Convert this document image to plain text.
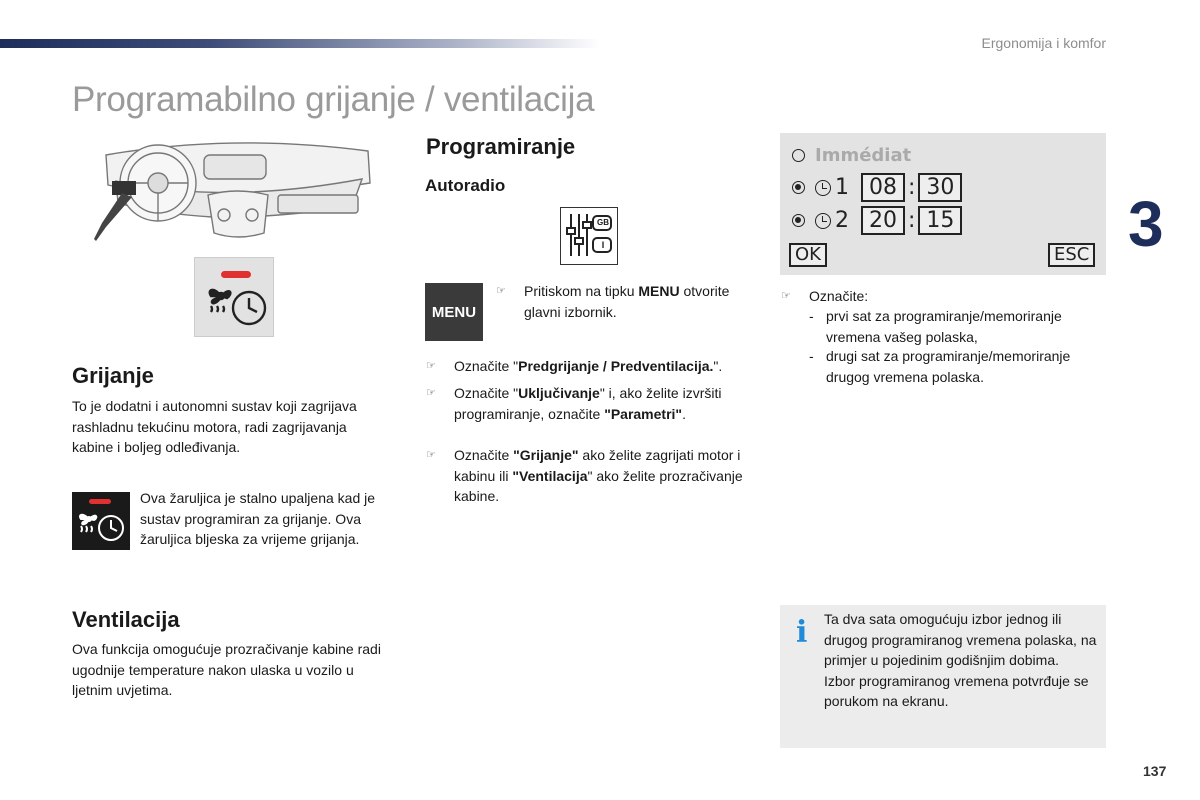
Ergonomija i komfor
3
Programabilno grijanje / ventilacija
Grijanje

To je dodatni i autonomni sustav koji zagrijava rashladnu tekućinu motora, radi zagrijavanja kabine i boljeg odleđivanja.

Ova žaruljica je stalno upaljena kad je sustav programiran za grijanje. Ova žaruljica bljeska za vrijeme grijanja.

Ventilacija

Ova funkcija omogućuje prozračivanje kabine radi ugodnije temperature nakon ulaska u vozilo u ljetnim uvjetima.

Programiranje
Autoradio
GB
I
MENU
☞ Pritiskom na tipku MENU otvorite glavni izbornik.
☞ Označite "Predgrijanje / Predventilacija.".
☞ Označite "Uključivanje" i, ako želite izvršiti programiranje, označite "Parametri".
☞ Označite "Grijanje" ako želite zagrijati motor i kabinu ili "Ventilacija" ako želite prozračivanje kabine.
Immédiat
1 08 : 30
2 20 : 15
OK	ESC
☞ Označite:
- prvi sat za programiranje/memoriranje vremena vašeg polaska,
- drugi sat za programiranje/memoriranje drugog vremena polaska.
i Ta dva sata omogućuju izbor jednog ili drugog programiranog vremena polaska, na primjer u pojedinim godišnjim dobima.
Izbor programiranog vremena potvrđuje se porukom na ekranu.
137
